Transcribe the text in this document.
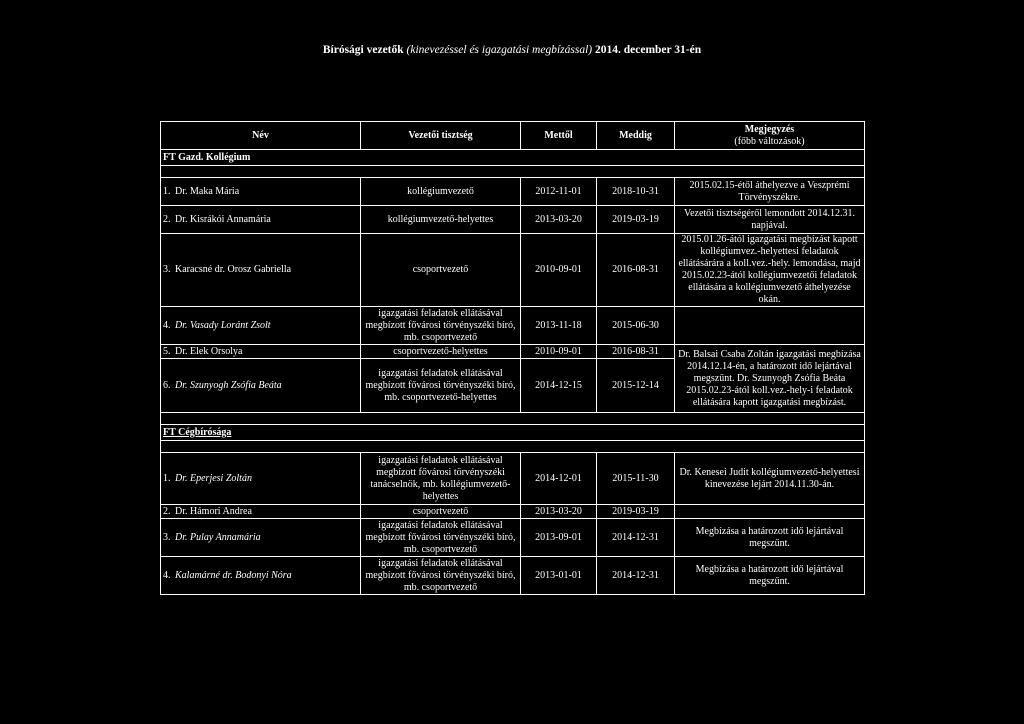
Bírósági vezetők (kinevezéssel és igazgatási megbízással) 2014. december 31-én
Név	Vezetői tisztség	Mettől	Meddig	Megjegyzés
(főbb változások)
FT Gazd. Kollégium				

1. Dr. Maka Mária	kollégiumvezető	2012-11-01	2018-10-31	2015.02.15-étől áthelyezve a Veszprémi Törvényszékre.
2. Dr. Kisrákói Annamária	kollégiumvezető-helyettes	2013-03-20	2019-03-19	Vezetői tisztségéről lemondott 2014.12.31. napjával.
3. Karacsné dr. Orosz Gabriella	csoportvezető	2010-09-01	2016-08-31	2015.01.26-ától igazgatási megbízást kapott kollégiumvez.-helyettesi feladatok ellátásárára a koll.vez.-hely. lemondása, majd 2015.02.23-ától kollégiumvezetői feladatok ellátására a kollégiumvezető áthelyezése okán.
4. Dr. Vasady Loránt Zsolt	igazgatási feladatok ellátásával megbízott fővárosi törvényszéki bíró, mb. csoportvezető	2013-11-18	2015-06-30	
5. Dr. Elek Orsolya	csoportvezető-helyettes	2010-09-01	2016-08-31	Dr. Balsai Csaba Zoltán igazgatási megbízása 2014.12.14-én, a határozott idő lejártával megszűnt. Dr. Szunyogh Zsófia Beáta 2015.02.23-ától koll.vez.-hely-i feladatok ellátására kapott igazgatási megbízást.
6. Dr. Szunyogh Zsófia Beáta	igazgatási feladatok ellátásával megbízott fővárosi törvényszéki bíró, mb. csoportvezető-helyettes	2014-12-15	2015-12-14	

FT Cégbírósága				

1. Dr. Eperjesi Zoltán	igazgatási feladatok ellátásával megbízott fővárosi törvényszéki tanácselnök, mb. kollégiumvezető-helyettes	2014-12-01	2015-11-30	Dr. Kenesei Judit kollégiumvezető-helyettesi kinevezése lejárt 2014.11.30-án.
2. Dr. Hámori Andrea	csoportvezető	2013-03-20	2019-03-19	
3. Dr. Pulay Annamária	igazgatási feladatok ellátásával megbízott fővárosi törvényszéki bíró, mb. csoportvezető	2013-09-01	2014-12-31	Megbízása a határozott idő lejártával megszűnt.
4. Kalamárné dr. Bodonyi Nóra	igazgatási feladatok ellátásával megbízott fővárosi törvényszéki bíró, mb. csoportvezető	2013-01-01	2014-12-31	Megbízása a határozott idő lejártával megszűnt.
